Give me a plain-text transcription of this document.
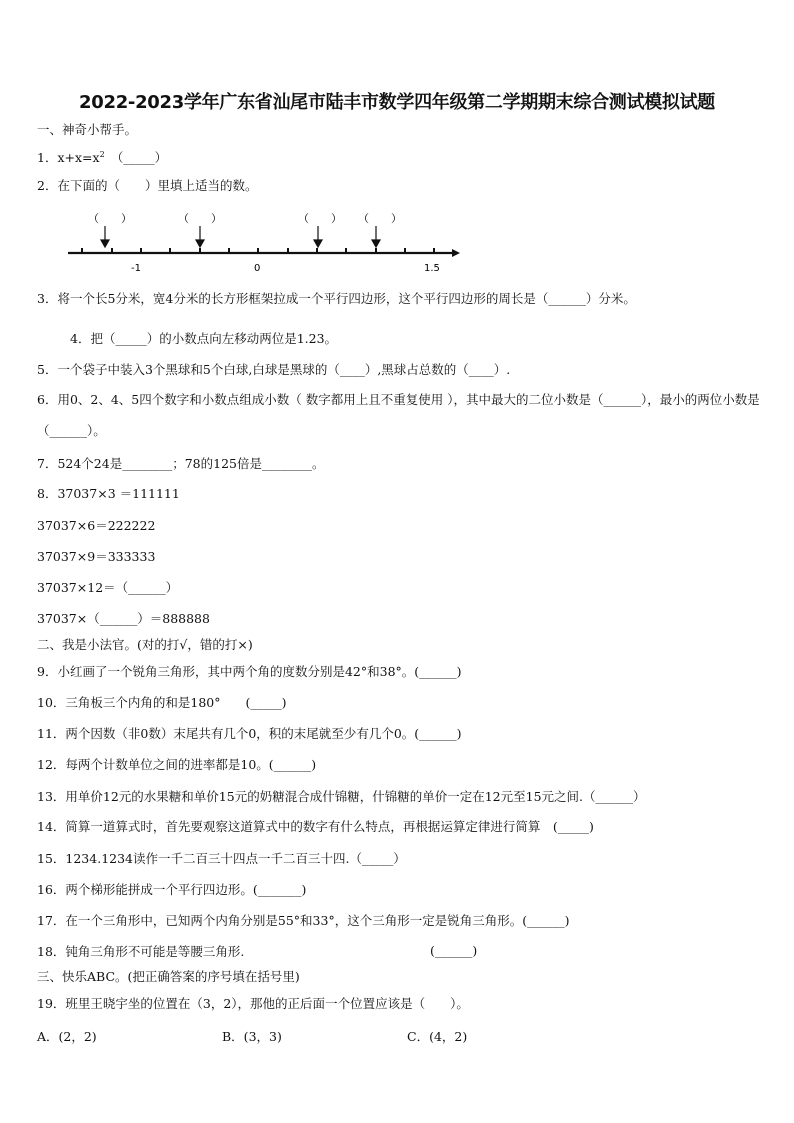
2022-2023学年广东省汕尾市陆丰市数学四年级第二学期期末综合测试模拟试题
一、神奇小帮手。
1．$x+x=x^2$　（_____）
2．在下面的（　　）里填上适当的数。
（　　）	（　　）	（　　） （　　）
-1	0	1.5
3．将一个长5分米，宽4分米的长方形框架拉成一个平行四边形，这个平行四边形的周长是（______）分米。
4．把（_____）的小数点向左移动两位是1.23。
5．一个袋子中装入3个黑球和5个白球,白球是黑球的（____）,黑球占总数的（____）.
6．用0、2、4、5四个数字和小数点组成小数（ 数字都用上且不重复使用 ），其中最大的二位小数是（______），最小的两位小数是（______）。
7．524个24是________；78的125倍是________。
8．37037×3 ＝111111
37037×6＝222222
37037×9＝333333
37037×12＝（______）
37037×（______）＝888888
二、我是小法官。(对的打√，错的打×)
9．小红画了一个锐角三角形，其中两个角的度数分别是42°和38°。(______)
10．三角板三个内角的和是180°　　(_____)
11．两个因数（非0数）末尾共有几个0，积的末尾就至少有几个0。(______)
12．每两个计数单位之间的进率都是10。(______)
13．用单价12元的水果糖和单价15元的奶糖混合成什锦糖，什锦糖的单价一定在12元至15元之间.（______）
14．简算一道算式时，首先要观察这道算式中的数字有什么特点，再根据运算定律进行简算　(_____)
15．1234.1234读作一千二百三十四点一千二百三十四.（_____）
16．两个梯形能拼成一个平行四边形。(_______)
17．在一个三角形中，已知两个内角分别是55°和33°，这个三角形一定是锐角三角形。(______)
18．钝角三角形不可能是等腰三角形.	(______)
三、快乐ABC。(把正确答案的序号填在括号里)
19．班里王晓宇坐的位置在（3，2），那他的正后面一个位置应该是（　　）。
A．(2，2)	B．(3，3)	C．(4，2)
